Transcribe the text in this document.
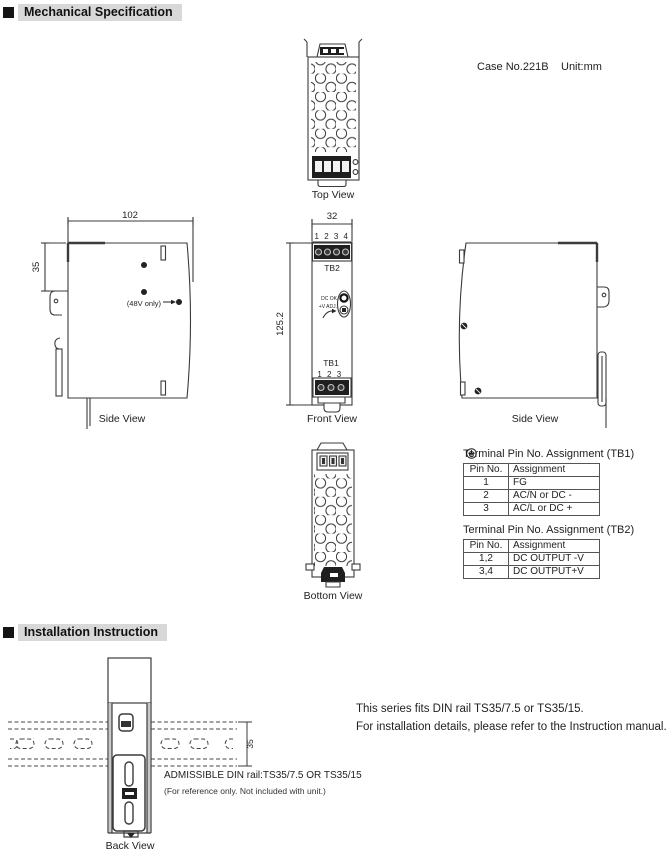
102
35
(48V only)
32
125.2
1 2 3 4
TB2
DC OK
+V ADJ.
TB1
1 2 3
35
Mechanical Specification
Case No.221B Unit:mm
Top View
Side View	Front View	Side View
Bottom View
Back View
Terminal Pin No. Assignment (TB1)
Pin No.	Assignment
1	FG

2	AC/N or DC -
3	AC/L or DC +
Terminal Pin No. Assignment (TB2)
Pin No.	Assignment
1,2	DC OUTPUT -V
3,4	DC OUTPUT+V
Installation Instruction
This series fits DIN rail TS35/7.5 or TS35/15.
For installation details, please refer to the Instruction manual.
ADMISSIBLE DIN rail:TS35/7.5 OR TS35/15
(For reference only. Not included with unit.)
